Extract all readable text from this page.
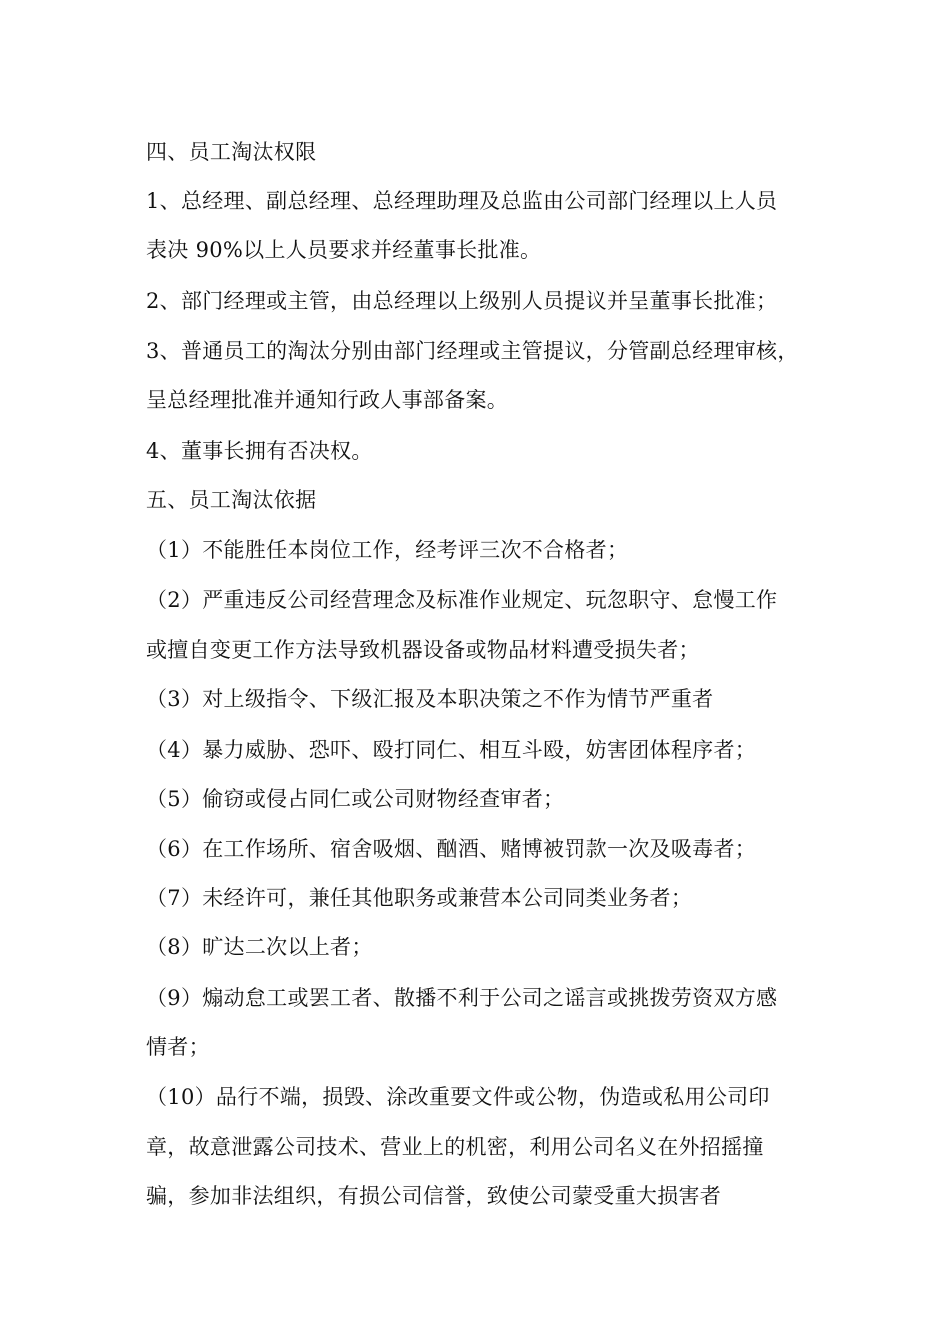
四、员工淘汰权限
1、总经理、副总经理、总经理助理及总监由公司部门经理以上人员
表决 90%以上人员要求并经董事长批准。
2、部门经理或主管，由总经理以上级别人员提议并呈董事长批准；
3、普通员工的淘汰分别由部门经理或主管提议，分管副总经理审核，
呈总经理批准并通知行政人事部备案。
4、董事长拥有否决权。
五、员工淘汰依据
（1）不能胜任本岗位工作，经考评三次不合格者；
（2）严重违反公司经营理念及标准作业规定、玩忽职守、怠慢工作
或擅自变更工作方法导致机器设备或物品材料遭受损失者；
（3）对上级指令、下级汇报及本职决策之不作为情节严重者
（4）暴力威胁、恐吓、殴打同仁、相互斗殴，妨害团体程序者；
（5）偷窃或侵占同仁或公司财物经查审者；
（6）在工作场所、宿舍吸烟、酗酒、赌博被罚款一次及吸毒者；
（7）未经许可，兼任其他职务或兼营本公司同类业务者；
（8）旷达二次以上者；
（9）煽动怠工或罢工者、散播不利于公司之谣言或挑拨劳资双方感
情者；
（10）品行不端，损毁、涂改重要文件或公物，伪造或私用公司印
章，故意泄露公司技术、营业上的机密，利用公司名义在外招摇撞
骗，参加非法组织，有损公司信誉，致使公司蒙受重大损害者
